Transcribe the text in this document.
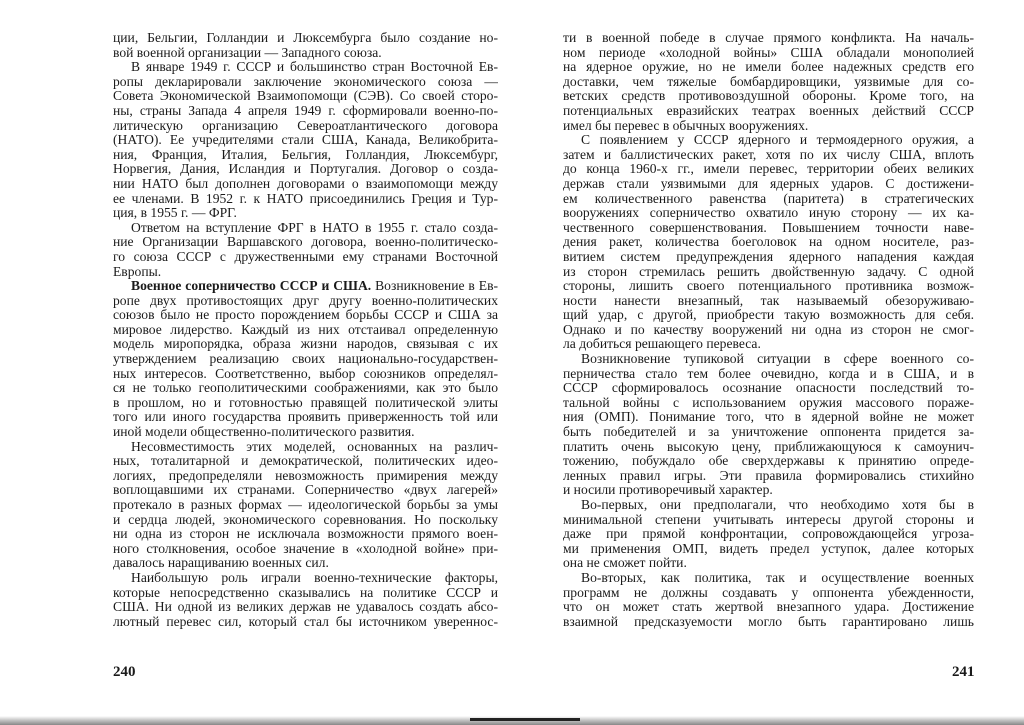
ции, Бельгии, Голландии и Люксембурга было создание но-
вой военной организации — Западного союза.
В январе 1949 г. СССР и большинство стран Восточной Ев-
ропы декларировали заключение экономического союза —
Совета Экономической Взаимопомощи (СЭВ). Со своей сторо-
ны, страны Запада 4 апреля 1949 г. сформировали военно-по-
литическую организацию Североатлантического договора
(НАТО). Ее учредителями стали США, Канада, Великобрита-
ния, Франция, Италия, Бельгия, Голландия, Люксембург,
Норвегия, Дания, Исландия и Португалия. Договор о созда-
нии НАТО был дополнен договорами о взаимопомощи между
ее членами. В 1952 г. к НАТО присоединились Греция и Тур-
ция, в 1955 г. — ФРГ.
Ответом на вступление ФРГ в НАТО в 1955 г. стало созда-
ние Организации Варшавского договора, военно-политическо-
го союза СССР с дружественными ему странами Восточной
Европы.
Военное соперничество СССР и США. Возникновение в Ев-
ропе двух противостоящих друг другу военно-политических
союзов было не просто порождением борьбы СССР и США за
мировое лидерство. Каждый из них отстаивал определенную
модель миропорядка, образа жизни народов, связывая с их
утверждением реализацию своих национально-государствен-
ных интересов. Соответственно, выбор союзников определял-
ся не только геополитическими соображениями, как это было
в прошлом, но и готовностью правящей политической элиты
того или иного государства проявить приверженность той или
иной модели общественно-политического развития.
Несовместимость этих моделей, основанных на различ-
ных, тоталитарной и демократической, политических идео-
логиях, предопределяли невозможность примирения между
воплощавшими их странами. Соперничество «двух лагерей»
протекало в разных формах — идеологической борьбы за умы
и сердца людей, экономического соревнования. Но поскольку
ни одна из сторон не исключала возможности прямого воен-
ного столкновения, особое значение в «холодной войне» при-
давалось наращиванию военных сил.
Наибольшую роль играли военно-технические факторы,
которые непосредственно сказывались на политике СССР и
США. Ни одной из великих держав не удавалось создать абсо-
лютный перевес сил, который стал бы источником увереннос-
ти в военной победе в случае прямого конфликта. На началь-
ном периоде «холодной войны» США обладали монополией
на ядерное оружие, но не имели более надежных средств его
доставки, чем тяжелые бомбардировщики, уязвимые для со-
ветских средств противовоздушной обороны. Кроме того, на
потенциальных евразийских театрах военных действий СССР
имел бы перевес в обычных вооружениях.
С появлением у СССР ядерного и термоядерного оружия, а
затем и баллистических ракет, хотя по их числу США, вплоть
до конца 1960-х гг., имели перевес, территории обеих великих
держав стали уязвимыми для ядерных ударов. С достижени-
ем количественного равенства (паритета) в стратегических
вооружениях соперничество охватило иную сторону — их ка-
чественного совершенствования. Повышением точности наве-
дения ракет, количества боеголовок на одном носителе, раз-
витием систем предупреждения ядерного нападения каждая
из сторон стремилась решить двойственную задачу. С одной
стороны, лишить своего потенциального противника возмож-
ности нанести внезапный, так называемый обезоруживаю-
щий удар, с другой, приобрести такую возможность для себя.
Однако и по качеству вооружений ни одна из сторон не смог-
ла добиться решающего перевеса.
Возникновение тупиковой ситуации в сфере военного со-
перничества стало тем более очевидно, когда и в США, и в
СССР сформировалось осознание опасности последствий то-
тальной войны с использованием оружия массового пораже-
ния (ОМП). Понимание того, что в ядерной войне не может
быть победителей и за уничтожение оппонента придется за-
платить очень высокую цену, приближающуюся к самоунич-
тожению, побуждало обе сверхдержавы к принятию опреде-
ленных правил игры. Эти правила формировались стихийно
и носили противоречивый характер.
Во-первых, они предполагали, что необходимо хотя бы в
минимальной степени учитывать интересы другой стороны и
даже при прямой конфронтации, сопровождающейся угроза-
ми применения ОМП, видеть предел уступок, далее которых
она не сможет пойти.
Во-вторых, как политика, так и осуществление военных
программ не должны создавать у оппонента убежденности,
что он может стать жертвой внезапного удара. Достижение
взаимной предсказуемости могло быть гарантировано лишь
240	241
